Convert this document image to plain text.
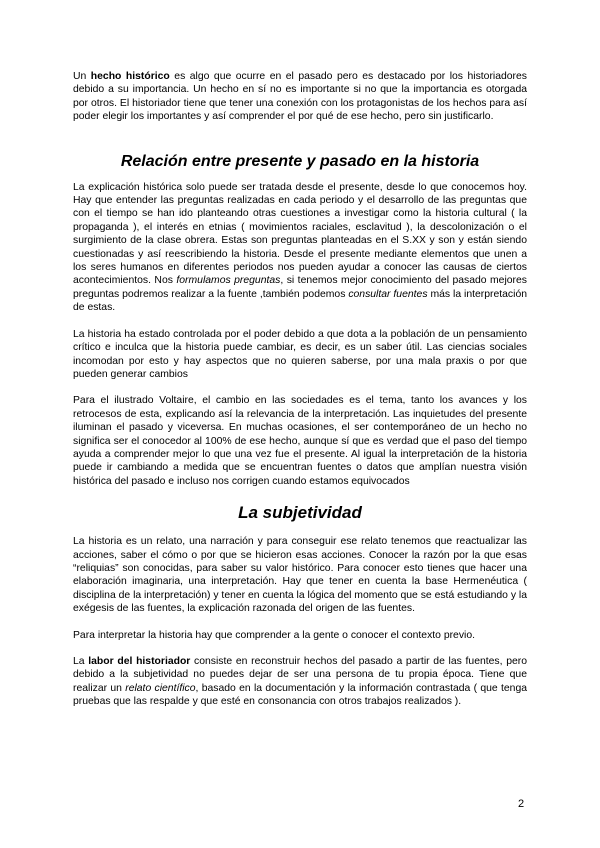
Un hecho histórico es algo que ocurre en el pasado pero es destacado por los historiadores debido a su importancia. Un hecho en sí no es importante si no que la importancia es otorgada por otros. El historiador tiene que tener una conexión con los protagonistas de los hechos para así poder elegir los importantes y así comprender el por qué de ese hecho, pero sin justificarlo.

Relación entre presente y pasado en la historia

La explicación histórica solo puede ser tratada desde el presente, desde lo que conocemos hoy. Hay que entender las preguntas realizadas en cada periodo y el desarrollo de las preguntas que con el tiempo se han ido planteando otras cuestiones a investigar como la historia cultural ( la propaganda ), el interés en etnias ( movimientos raciales, esclavitud ), la descolonización o el surgimiento de la clase obrera. Estas son preguntas planteadas en el S.XX y son y están siendo cuestionadas y así reescribiendo la historia. Desde el presente mediante elementos que unen a los seres humanos en diferentes periodos nos pueden ayudar a conocer las causas de ciertos acontecimientos. Nos formulamos preguntas, si tenemos mejor conocimiento del pasado mejores preguntas podremos realizar a la fuente ,también podemos consultar fuentes más la interpretación de estas.

La historia ha estado controlada por el poder debido a que dota a la población de un pensamiento crítico e inculca que la historia puede cambiar, es decir, es un saber útil. Las ciencias sociales incomodan por esto y hay aspectos que no quieren saberse, por una mala praxis o por que pueden generar cambios

Para el ilustrado Voltaire, el cambio en las sociedades es el tema, tanto los avances y los retrocesos de esta, explicando así la relevancia de la interpretación. Las inquietudes del presente iluminan el pasado y viceversa. En muchas ocasiones, el ser contemporáneo de un hecho no significa ser el conocedor al 100% de ese hecho, aunque sí que es verdad que el paso del tiempo ayuda a comprender mejor lo que una vez fue el presente. Al igual la interpretación de la historia puede ir cambiando a medida que se encuentran fuentes o datos que amplían nuestra visión histórica del pasado e incluso nos corrigen cuando estamos equivocados

La subjetividad

La historia es un relato, una narración y para conseguir ese relato tenemos que reactualizar las acciones, saber el cómo o por que se hicieron esas acciones. Conocer la razón por la que esas “reliquias” son conocidas, para saber su valor histórico. Para conocer esto tienes que hacer una elaboración imaginaria, una interpretación. Hay que tener en cuenta la base Hermenéutica ( disciplina de la interpretación) y tener en cuenta la lógica del momento que se está estudiando y la exégesis de las fuentes, la explicación razonada del origen de las fuentes.

Para interpretar la historia hay que comprender a la gente o conocer el contexto previo.

La labor del historiador consiste en reconstruir hechos del pasado a partir de las fuentes, pero debido a la subjetividad no puedes dejar de ser una persona de tu propia época. Tiene que realizar un relato científico, basado en la documentación y la información contrastada ( que tenga pruebas que las respalde y que esté en consonancia con otros trabajos realizados ).

2
